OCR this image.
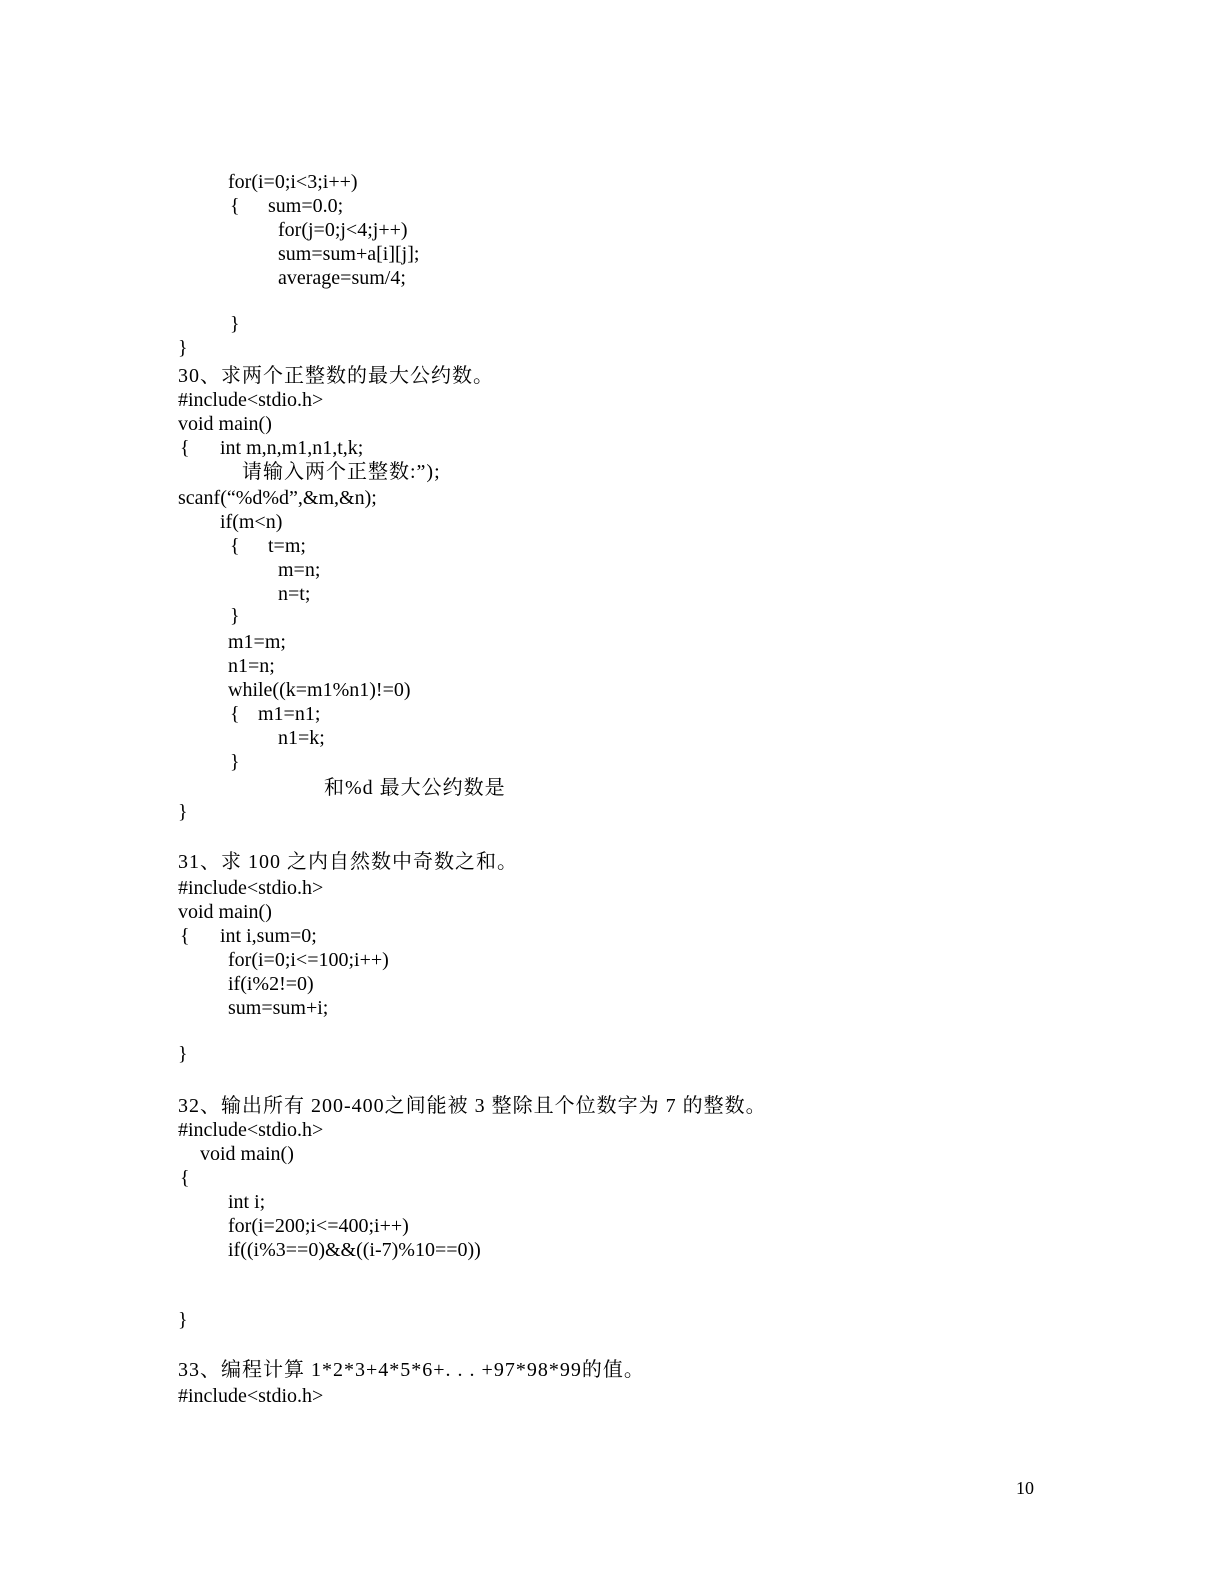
for(i=0;i<3;i++)
{ sum=0.0;
for(j=0;j<4;j++)
sum=sum+a[i][j];
average=sum/4;
}
}
30、求两个正整数的最大公约数。
#include<stdio.h>
void main()
{ int m,n,m1,n1,t,k;
请输入两个正整数:”);
scanf(“%d%d”,&m,&n);
if(m<n)
{ t=m;
m=n;
n=t;
}
m1=m;
n1=n;
while((k=m1%n1)!=0)
{ m1=n1;
n1=k;
}
和%d 最大公约数是
}
31、求 100 之内自然数中奇数之和。
#include<stdio.h>
void main()
{ int i,sum=0;
for(i=0;i<=100;i++)
if(i%2!=0)
sum=sum+i;
}
32、输出所有 200-400之间能被 3 整除且个位数字为 7 的整数。
#include<stdio.h>
void main()
{
int i;
for(i=200;i<=400;i++)
if((i%3==0)&&((i-7)%10==0))
}
33、编程计算 1*2*3+4*5*6+. . . +97*98*99的值。
#include<stdio.h>
10
